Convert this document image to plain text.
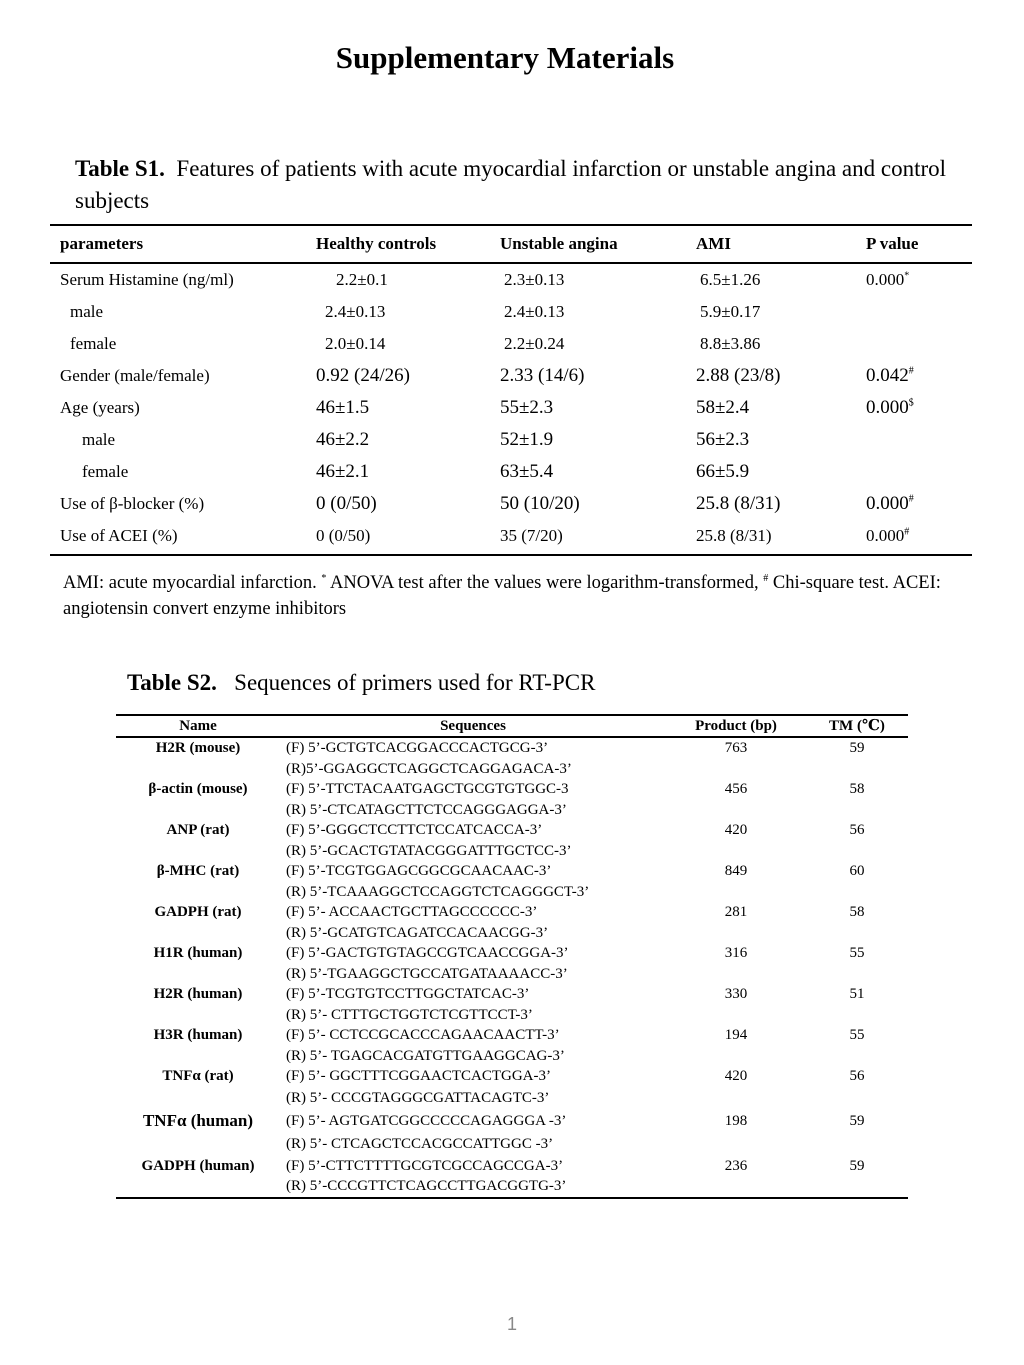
Supplementary Materials
Table S1. Features of patients with acute myocardial infarction or unstable angina and control subjects
parameters	Healthy controls	Unstable angina	AMI	P value
Serum Histamine (ng/ml)	2.2±0.1	2.3±0.13	6.5±1.26	0.000*
male	2.4±0.13	2.4±0.13	5.9±0.17	
female	2.0±0.14	2.2±0.24	8.8±3.86	
Gender (male/female)	0.92 (24/26)	2.33 (14/6)	2.88 (23/8)	0.042#
Age (years)	46±1.5	55±2.3	58±2.4	0.000$
male	46±2.2	52±1.9	56±2.3	
female	46±2.1	63±5.4	66±5.9	
Use of β-blocker (%)	0 (0/50)	50 (10/20)	25.8 (8/31)	0.000#
Use of ACEI (%)	0 (0/50)	35 (7/20)	25.8 (8/31)	0.000#
AMI: acute myocardial infarction. * ANOVA test after the values were logarithm-transformed, # Chi-square test. ACEI: angiotensin convert enzyme inhibitors
Table S2. Sequences of primers used for RT-PCR
Name	Sequences	Product (bp)	TM (℃)
H2R (mouse)	(F) 5’-GCTGTCACGGACCCACTGCG-3’	763	59
	(R)5’-GGAGGCTCAGGCTCAGGAGACA-3’		
β-actin (mouse)	(F) 5’-TTCTACAATGAGCTGCGTGTGGC-3	456	58
	(R) 5’-CTCATAGCTTCTCCAGGGAGGA-3’		
ANP (rat)	(F) 5’-GGGCTCCTTCTCCATCACCA-3’	420	56
	(R) 5’-GCACTGTATACGGGATTTGCTCC-3’		
β-MHC (rat)	(F) 5’-TCGTGGAGCGGCGCAACAAC-3’	849	60
	(R) 5’-TCAAAGGCTCCAGGTCTCAGGGCT-3’		
GADPH (rat)	(F) 5’- ACCAACTGCTTAGCCCCCC-3’	281	58
	(R) 5’-GCATGTCAGATCCACAACGG-3’		
H1R (human)	(F) 5’-GACTGTGTAGCCGTCAACCGGA-3’	316	55
	(R) 5’-TGAAGGCTGCCATGATAAAACC-3’		
H2R (human)	(F) 5’-TCGTGTCCTTGGCTATCAC-3’	330	51
	(R) 5’- CTTTGCTGGTCTCGTTCCT-3’		
H3R (human)	(F) 5’- CCTCCGCACCCAGAACAACTT-3’	194	55
	(R) 5’- TGAGCACGATGTTGAAGGCAG-3’		
TNFα (rat)	(F) 5’- GGCTTTCGGAACTCACTGGA-3’	420	56
	(R) 5’- CCCGTAGGGCGATTACAGTC-3’		
TNFα (human)	(F) 5’- AGTGATCGGCCCCCAGAGGGA -3’	198	59
	(R) 5’- CTCAGCTCCACGCCATTGGC -3’		
GADPH (human)	(F) 5’-CTTCTTTTGCGTCGCCAGCCGA-3’	236	59
	(R) 5’-CCCGTTCTCAGCCTTGACGGTG-3’		
1
